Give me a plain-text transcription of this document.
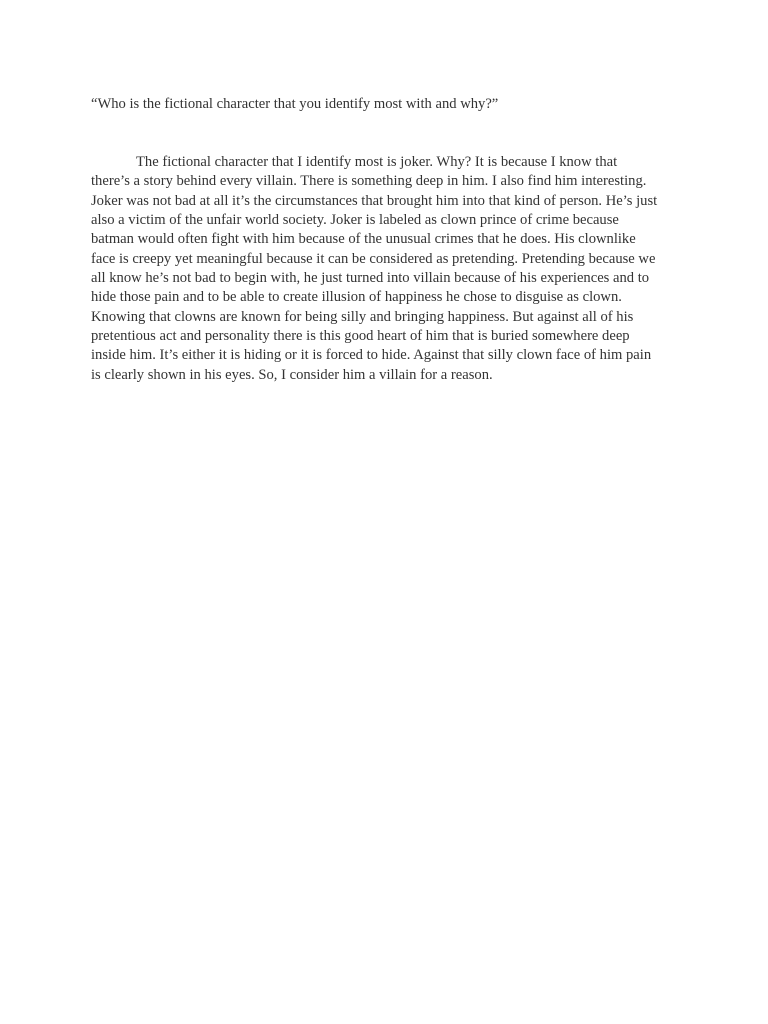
“Who is the fictional character that you identify most with and why?”

The fictional character that I identify most is joker. Why? It is because I know that
there’s a story behind every villain. There is something deep in him. I also find him interesting.
Joker was not bad at all it’s the circumstances that brought him into that kind of person. He’s just
also a victim of the unfair world society. Joker is labeled as clown prince of crime because
batman would often fight with him because of the unusual crimes that he does. His clownlike
face is creepy yet meaningful because it can be considered as pretending. Pretending because we
all know he’s not bad to begin with, he just turned into villain because of his experiences and to
hide those pain and to be able to create illusion of happiness he chose to disguise as clown.
Knowing that clowns are known for being silly and bringing happiness. But against all of his
pretentious act and personality there is this good heart of him that is buried somewhere deep
inside him. It’s either it is hiding or it is forced to hide. Against that silly clown face of him pain
is clearly shown in his eyes. So, I consider him a villain for a reason.
